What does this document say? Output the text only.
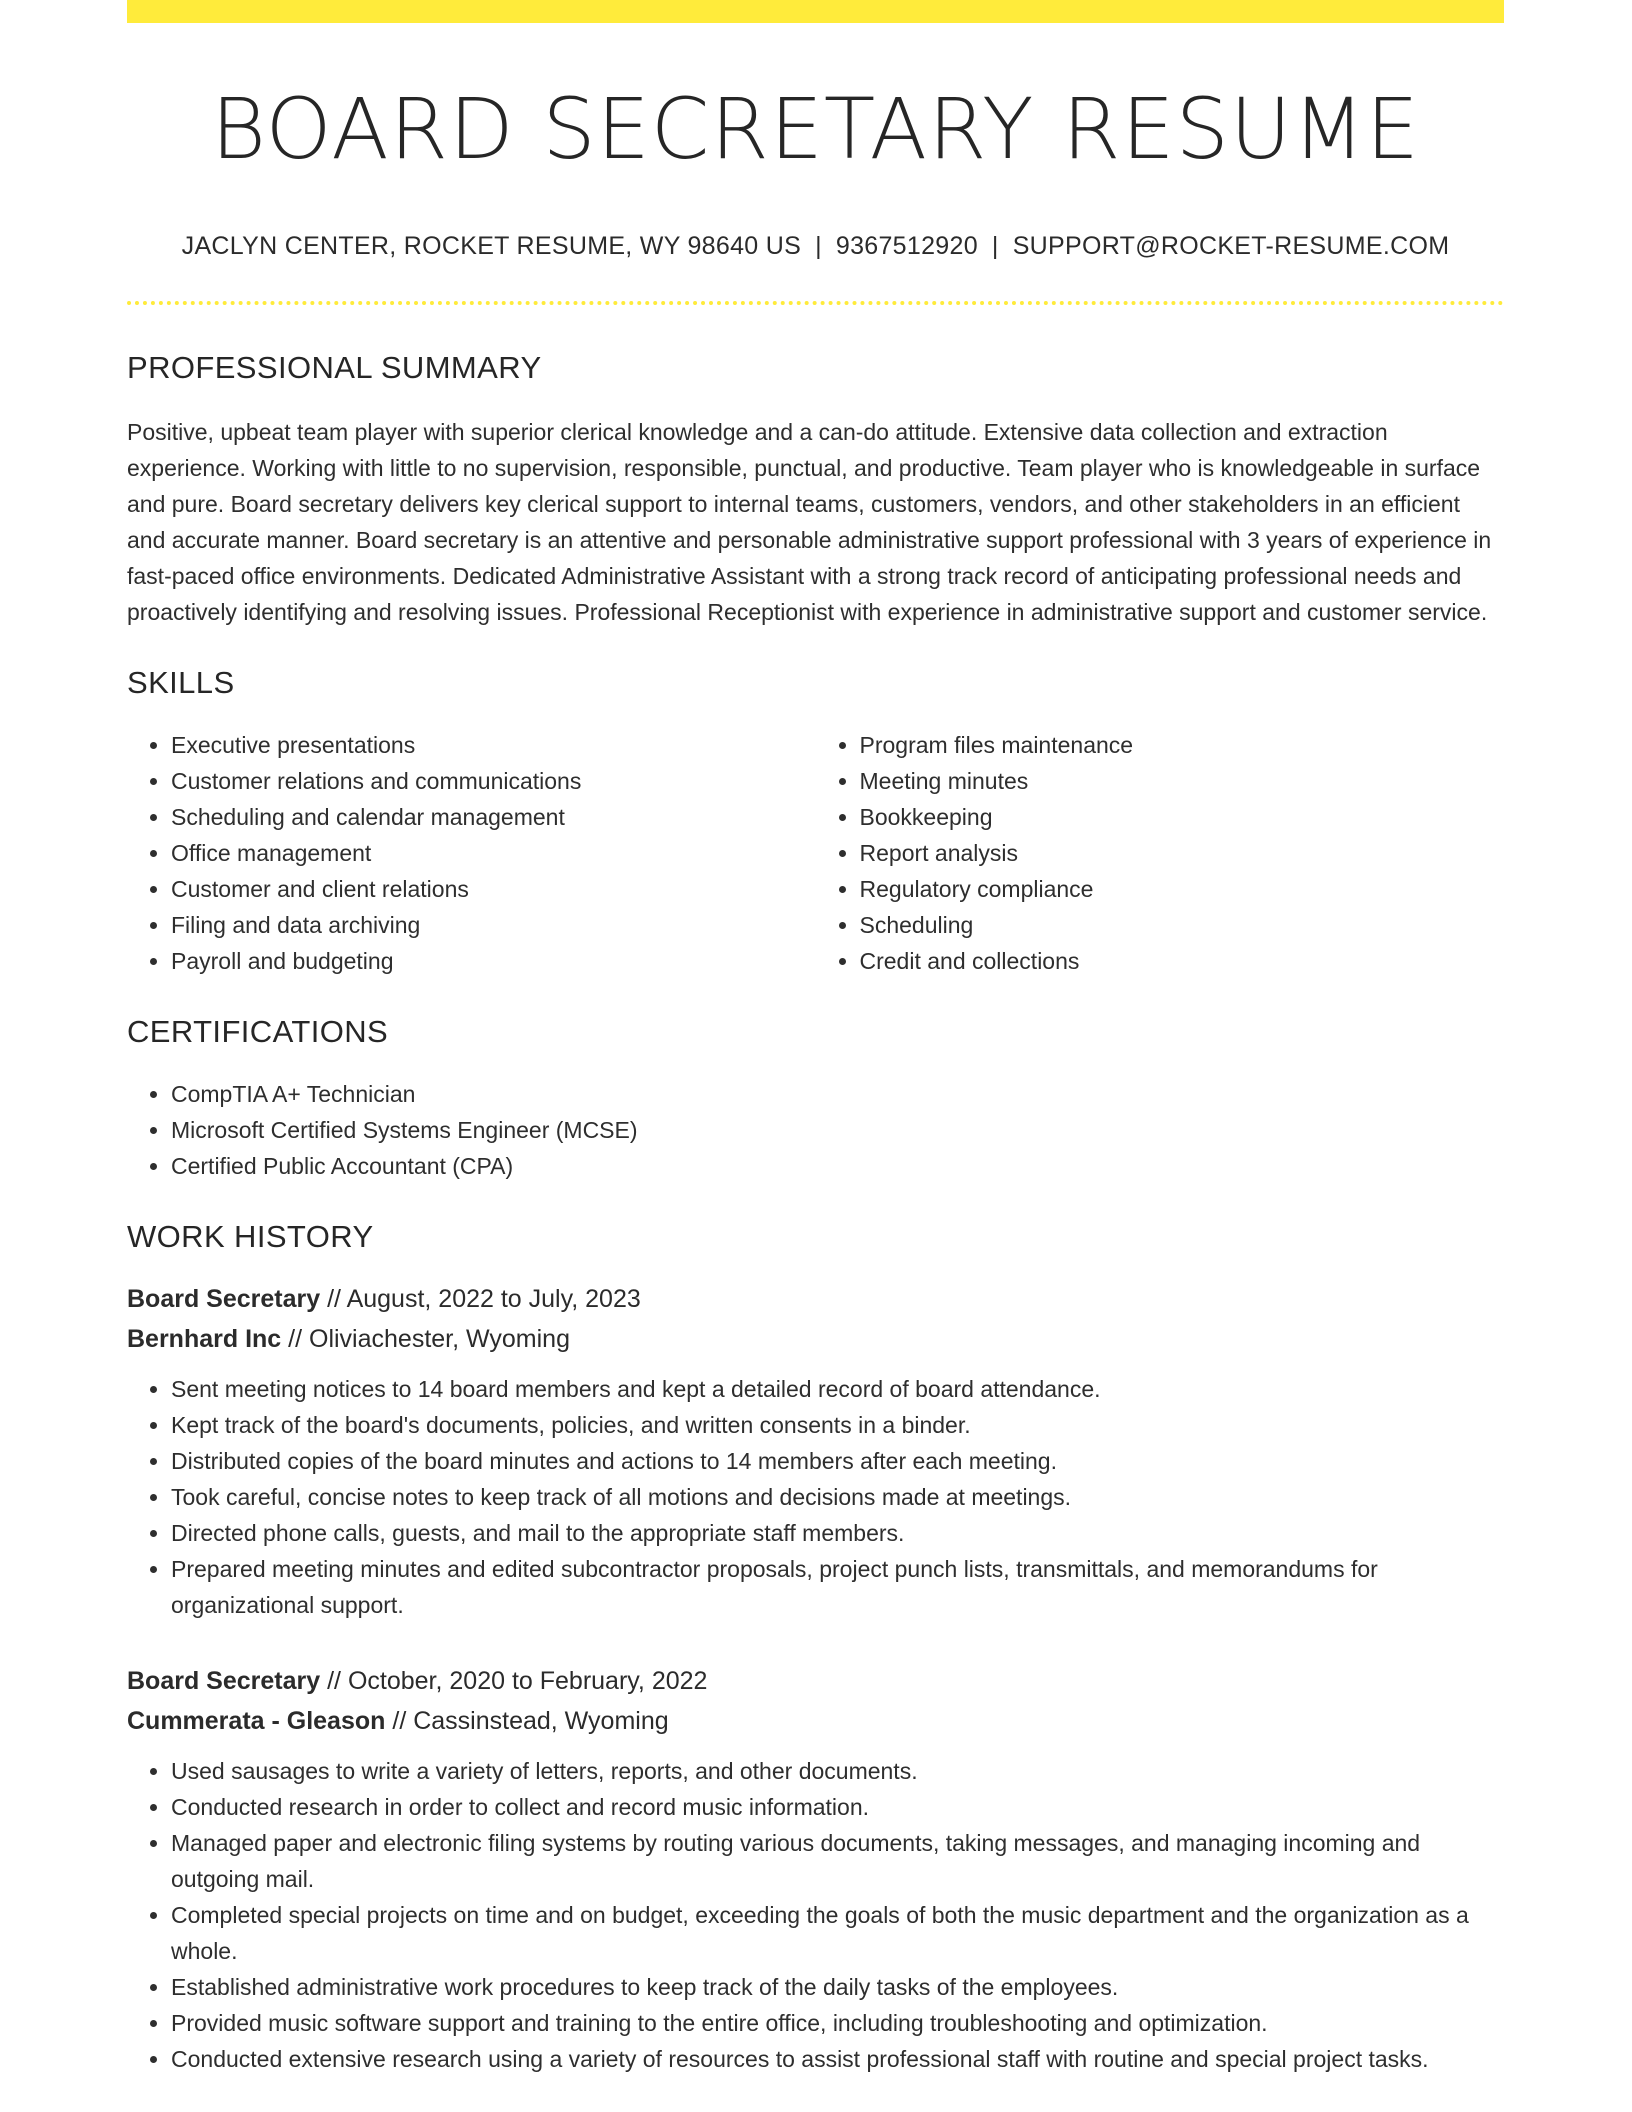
BOARD SECRETARY RESUME
JACLYN CENTER, ROCKET RESUME, WY 98640 US | 9367512920 | SUPPORT@ROCKET-RESUME.COM
PROFESSIONAL SUMMARY

Positive, upbeat team player with superior clerical knowledge and a can-do attitude. Extensive data collection and extraction experience. Working with little to no supervision, responsible, punctual, and productive. Team player who is knowledgeable in surface and pure. Board secretary delivers key clerical support to internal teams, customers, vendors, and other stakeholders in an efficient and accurate manner. Board secretary is an attentive and personable administrative support professional with 3 years of experience in fast-paced office environments. Dedicated Administrative Assistant with a strong track record of anticipating professional needs and proactively identifying and resolving issues. Professional Receptionist with experience in administrative support and customer service.

SKILLS
• Executive presentations
• Customer relations and communications
• Scheduling and calendar management
• Office management
• Customer and client relations
• Filing and data archiving
• Payroll and budgeting
• Program files maintenance
• Meeting minutes
• Bookkeeping
• Report analysis
• Regulatory compliance
• Scheduling
• Credit and collections
CERTIFICATIONS
• CompTIA A+ Technician
• Microsoft Certified Systems Engineer (MCSE)
• Certified Public Accountant (CPA)
WORK HISTORY
Board Secretary // August, 2022 to July, 2023
Bernhard Inc // Oliviachester, Wyoming
• Sent meeting notices to 14 board members and kept a detailed record of board attendance.
• Kept track of the board's documents, policies, and written consents in a binder.
• Distributed copies of the board minutes and actions to 14 members after each meeting.
• Took careful, concise notes to keep track of all motions and decisions made at meetings.
• Directed phone calls, guests, and mail to the appropriate staff members.
• Prepared meeting minutes and edited subcontractor proposals, project punch lists, transmittals, and memorandums for organizational support.
Board Secretary // October, 2020 to February, 2022
Cummerata - Gleason // Cassinstead, Wyoming
• Used sausages to write a variety of letters, reports, and other documents.
• Conducted research in order to collect and record music information.
• Managed paper and electronic filing systems by routing various documents, taking messages, and managing incoming and outgoing mail.
• Completed special projects on time and on budget, exceeding the goals of both the music department and the organization as a whole.
• Established administrative work procedures to keep track of the daily tasks of the employees.
• Provided music software support and training to the entire office, including troubleshooting and optimization.
• Conducted extensive research using a variety of resources to assist professional staff with routine and special project tasks.
